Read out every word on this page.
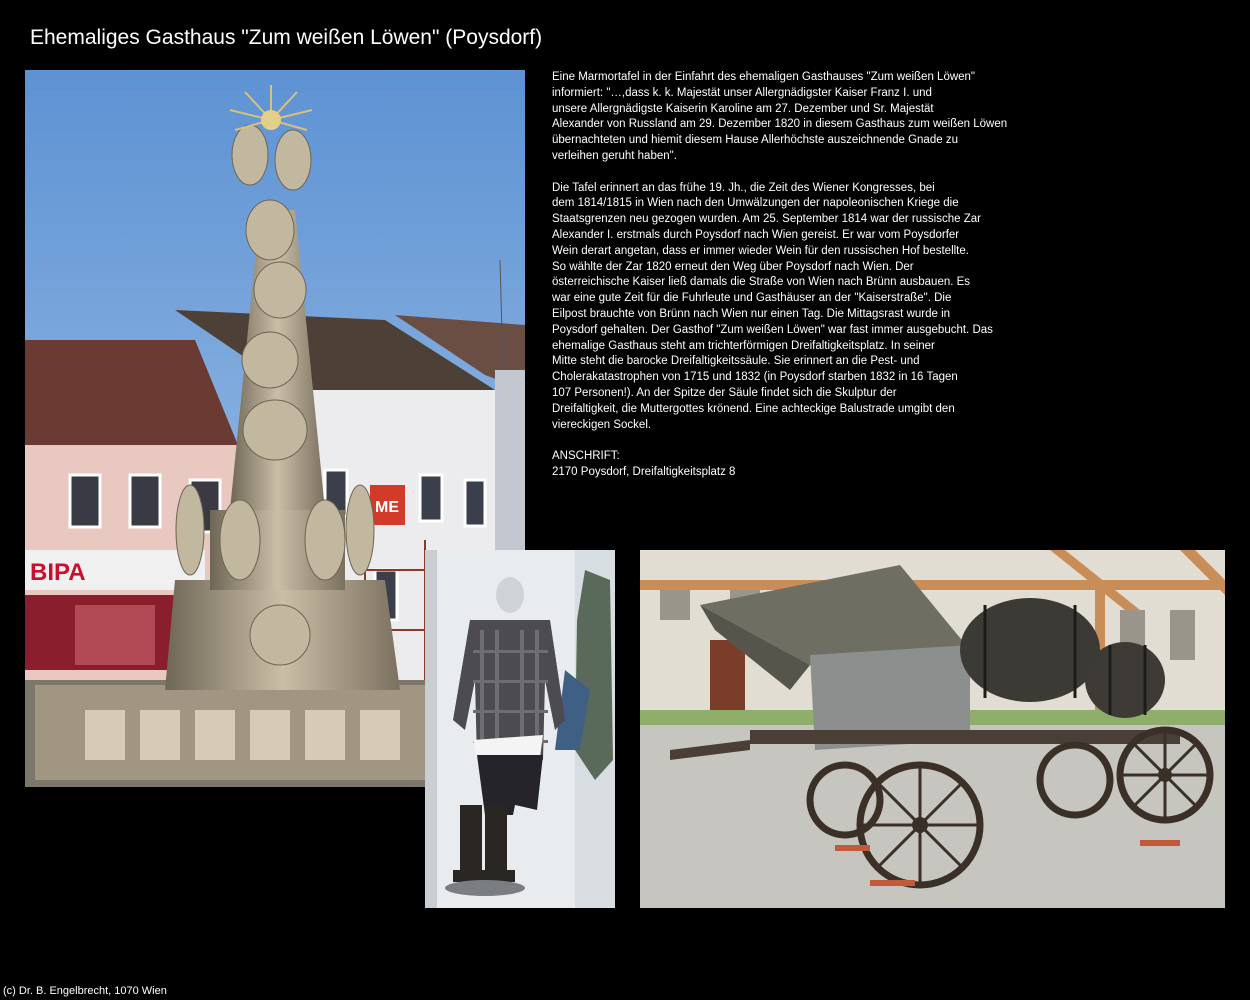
Ehemaliges Gasthaus "Zum weißen Löwen" (Poysdorf)
ME
BIPA

Eine Marmortafel in der Einfahrt des ehemaligen Gasthauses "Zum weißen Löwen"
informiert: "…,dass k. k. Majestät unser Allergnädigster Kaiser Franz I. und
unsere Allergnädigste Kaiserin Karoline am 27. Dezember und Sr. Majestät
Alexander von Russland am 29. Dezember 1820 in diesem Gasthaus zum weißen Löwen
übernachteten und hiemit diesem Hause Allerhöchste auszeichnende Gnade zu
verleihen geruht haben".

Die Tafel erinnert an das frühe 19. Jh., die Zeit des Wiener Kongresses, bei
dem 1814/1815 in Wien nach den Umwälzungen der napoleonischen Kriege die
Staatsgrenzen neu gezogen wurden. Am 25. September 1814 war der russische Zar
Alexander I. erstmals durch Poysdorf nach Wien gereist. Er war vom Poysdorfer
Wein derart angetan, dass er immer wieder Wein für den russischen Hof bestellte.
So wählte der Zar 1820 erneut den Weg über Poysdorf nach Wien. Der
österreichische Kaiser ließ damals die Straße von Wien nach Brünn ausbauen. Es
war eine gute Zeit für die Fuhrleute und Gasthäuser an der "Kaiserstraße". Die
Eilpost brauchte von Brünn nach Wien nur einen Tag. Die Mittagsrast wurde in
Poysdorf gehalten. Der Gasthof "Zum weißen Löwen" war fast immer ausgebucht. Das
ehemalige Gasthaus steht am trichterförmigen Dreifaltigkeitsplatz. In seiner
Mitte steht die barocke Dreifaltigkeitssäule. Sie erinnert an die Pest- und
Cholerakatastrophen von 1715 und 1832 (in Poysdorf starben 1832 in 16 Tagen
107 Personen!). An der Spitze der Säule findet sich die Skulptur der
Dreifaltigkeit, die Muttergottes krönend. Eine achteckige Balustrade umgibt den
viereckigen Sockel.

ANSCHRIFT:
2170 Poysdorf, Dreifaltigkeitsplatz 8

(c) Dr. B. Engelbrecht, 1070 Wien
